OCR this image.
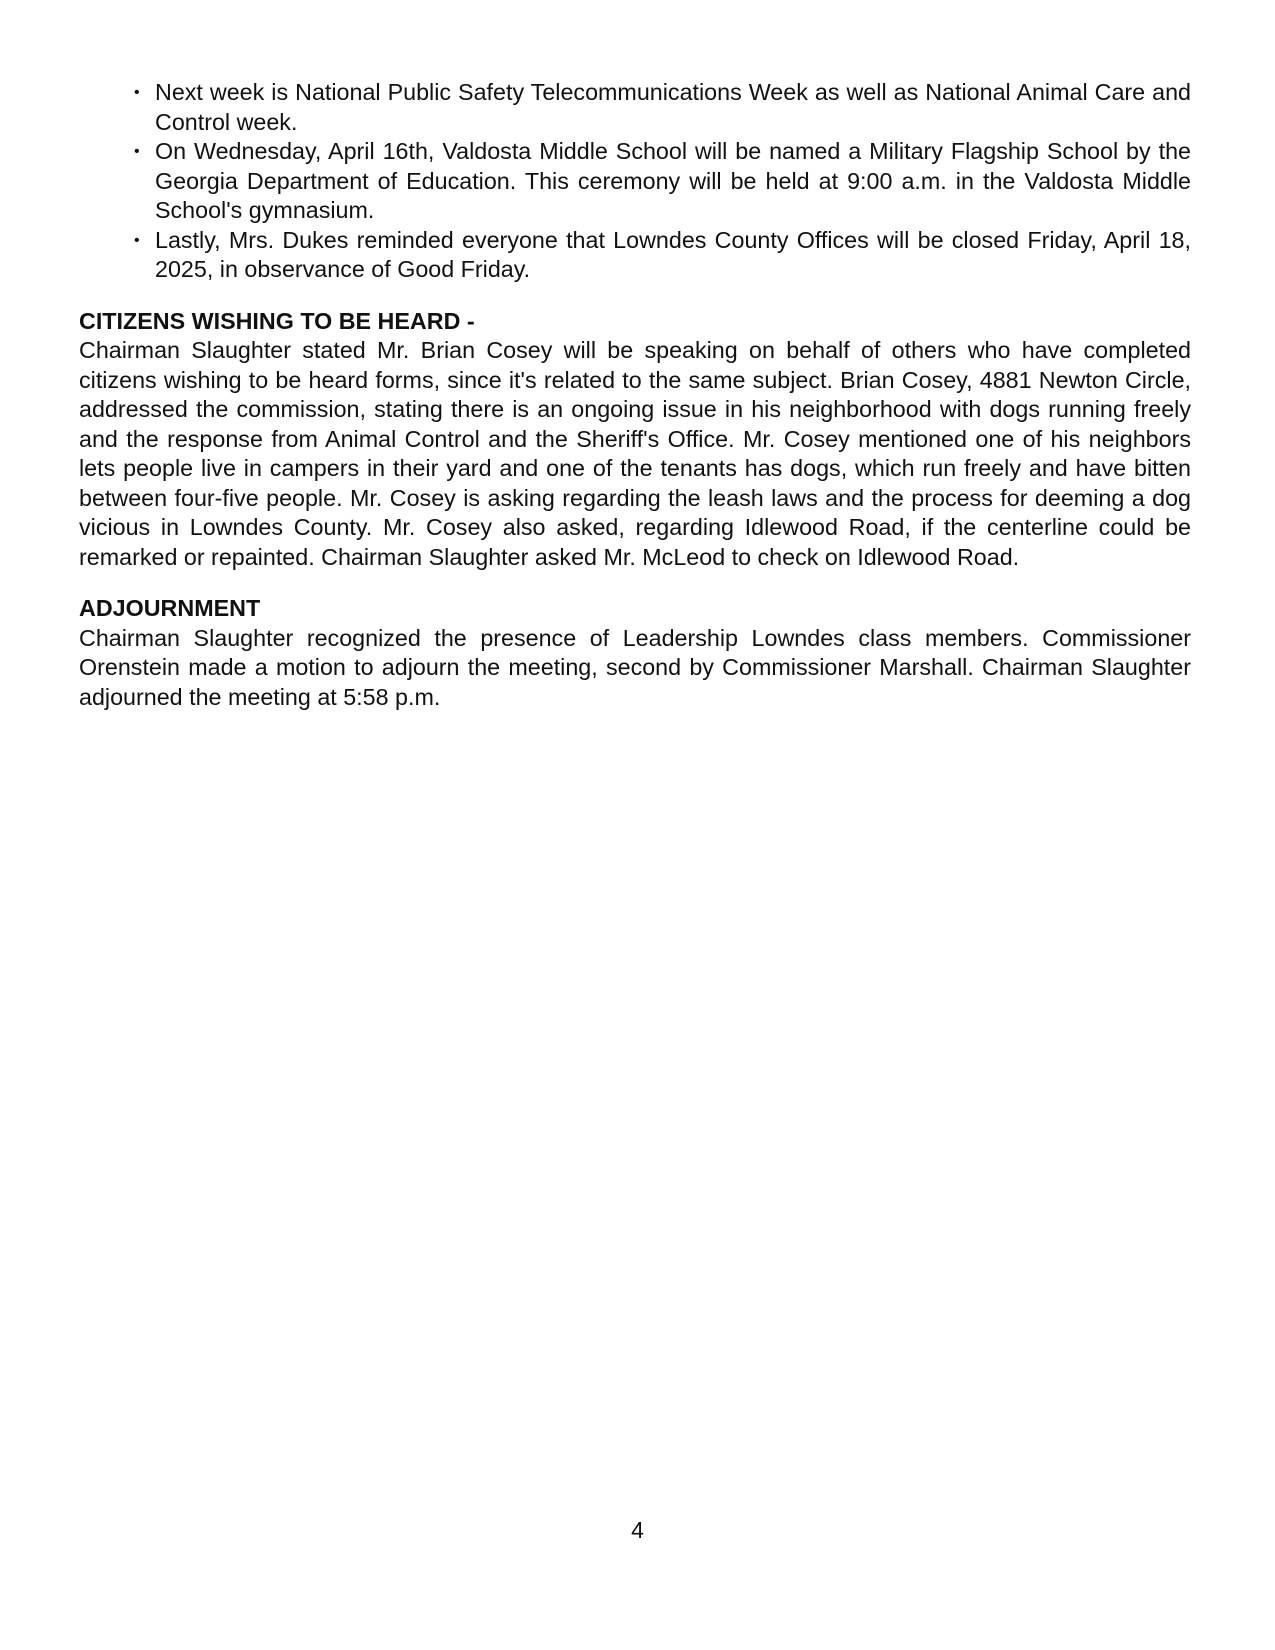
• Next week is National Public Safety Telecommunications Week as well as National Animal Care and Control week.
• On Wednesday, April 16th, Valdosta Middle School will be named a Military Flagship School by the Georgia Department of Education. This ceremony will be held at 9:00 a.m. in the Valdosta Middle School's gymnasium.
• Lastly, Mrs. Dukes reminded everyone that Lowndes County Offices will be closed Friday, April 18, 2025, in observance of Good Friday.
CITIZENS WISHING TO BE HEARD -

Chairman Slaughter stated Mr. Brian Cosey will be speaking on behalf of others who have completed citizens wishing to be heard forms, since it's related to the same subject. Brian Cosey, 4881 Newton Circle, addressed the commission, stating there is an ongoing issue in his neighborhood with dogs running freely and the response from Animal Control and the Sheriff's Office. Mr. Cosey mentioned one of his neighbors lets people live in campers in their yard and one of the tenants has dogs, which run freely and have bitten between four-five people. Mr. Cosey is asking regarding the leash laws and the process for deeming a dog vicious in Lowndes County. Mr. Cosey also asked, regarding Idlewood Road, if the centerline could be remarked or repainted. Chairman Slaughter asked Mr. McLeod to check on Idlewood Road.

ADJOURNMENT

Chairman Slaughter recognized the presence of Leadership Lowndes class members. Commissioner Orenstein made a motion to adjourn the meeting, second by Commissioner Marshall. Chairman Slaughter adjourned the meeting at 5:58 p.m.

4
